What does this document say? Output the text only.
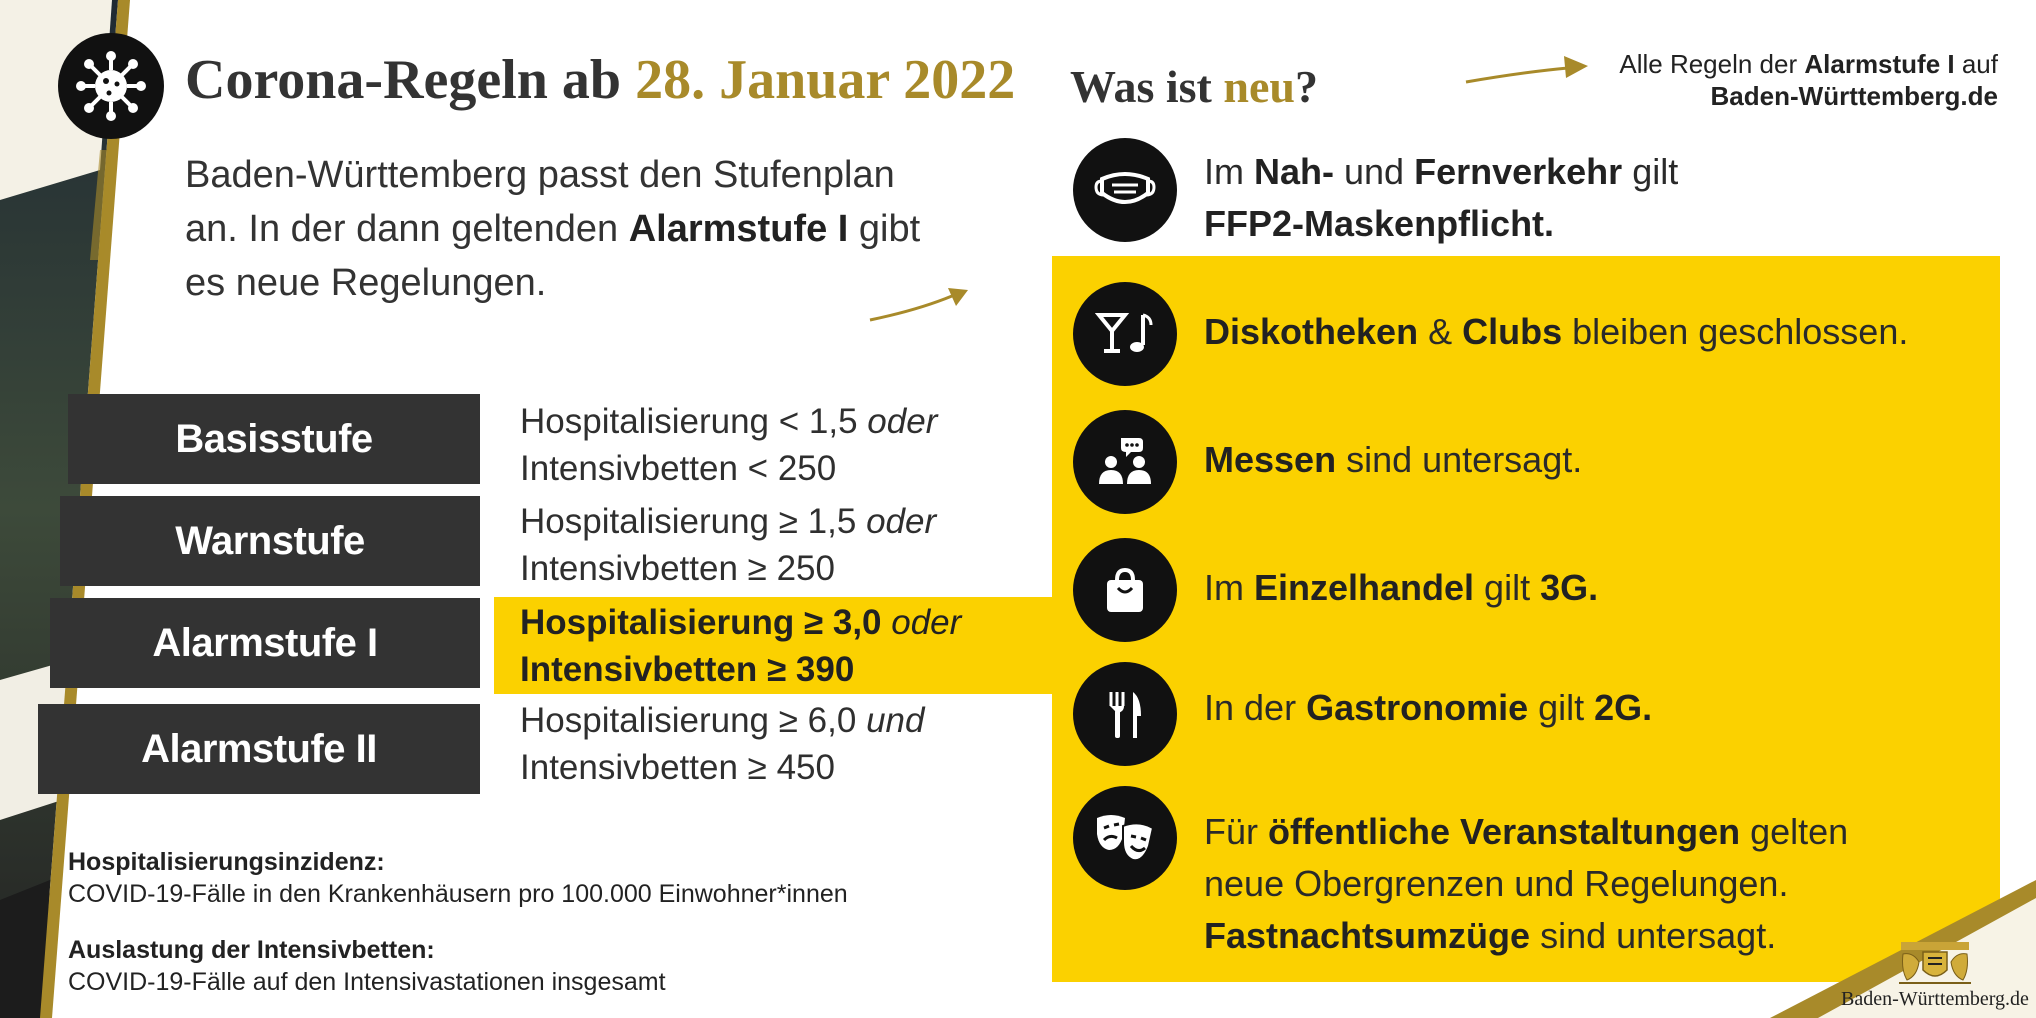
Corona-Regeln ab 28. Januar 2022
Baden-Württemberg passt den Stufenplan an. In der dann geltenden Alarmstufe I gibt es neue Regelungen.
Basisstufe
Warnstufe
Alarmstufe I
Alarmstufe II
Hospitalisierung < 1,5 oder
Intensivbetten < 250
Hospitalisierung ≥ 1,5 oder
Intensivbetten ≥ 250
Hospitalisierung ≥ 3,0 oder
Intensivbetten ≥ 390
Hospitalisierung ≥ 6,0 und
Intensivbetten ≥ 450
Hospitalisierungsinzidenz:
COVID-19-Fälle in den Krankenhäusern pro 100.000 Einwohner*innen
Auslastung der Intensivbetten:
COVID-19-Fälle auf den Intensivastationen insgesamt
Was ist neu?	Alle Regeln der Alarmstufe I auf
Baden-Württemberg.de
Im Nah- und Fernverkehr gilt
FFP2-Maskenpflicht.
Diskotheken & Clubs bleiben geschlossen.
Messen sind untersagt.
Im Einzelhandel gilt 3G.
In der Gastronomie gilt 2G.
Für öffentliche Veranstaltungen gelten
neue Obergrenzen und Regelungen.
Fastnachtsumzüge sind untersagt.
Baden-Württemberg.de
